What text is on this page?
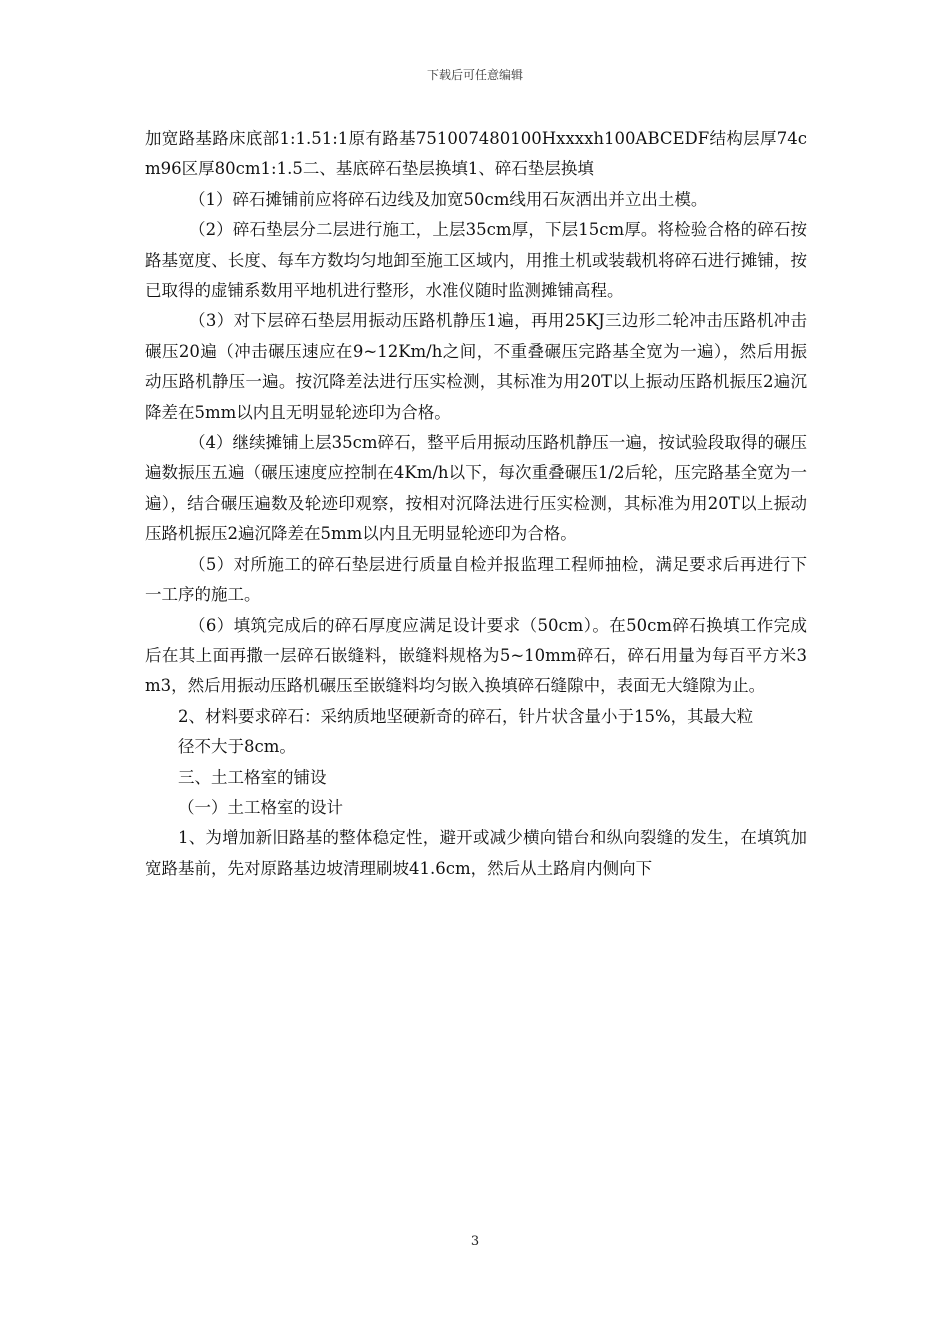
下载后可任意编辑

加宽路基路床底部1:1.51:1原有路基751007480100Hxxxxh100ABCEDF结构层厚74cm96区厚80cm1:1.5二、基底碎石垫层换填1、碎石垫层换填

（1）碎石摊铺前应将碎石边线及加宽50cm线用石灰洒出并立出土模。

（2）碎石垫层分二层进行施工，上层35cm厚，下层15cm厚。将检验合格的碎石按路基宽度、长度、每车方数均匀地卸至施工区域内，用推土机或装载机将碎石进行摊铺，按已取得的虚铺系数用平地机进行整形，水准仪随时监测摊铺高程。

（3）对下层碎石垫层用振动压路机静压1遍，再用25KJ三边形二轮冲击压路机冲击碾压20遍（冲击碾压速应在9~12Km/h之间，不重叠碾压完路基全宽为一遍），然后用振动压路机静压一遍。按沉降差法进行压实检测，其标准为用20T以上振动压路机振压2遍沉降差在5mm以内且无明显轮迹印为合格。

（4）继续摊铺上层35cm碎石，整平后用振动压路机静压一遍，按试验段取得的碾压遍数振压五遍（碾压速度应控制在4Km/h以下，每次重叠碾压1/2后轮，压完路基全宽为一遍），结合碾压遍数及轮迹印观察，按相对沉降法进行压实检测，其标准为用20T以上振动压路机振压2遍沉降差在5mm以内且无明显轮迹印为合格。

（5）对所施工的碎石垫层进行质量自检并报监理工程师抽检，满足要求后再进行下一工序的施工。

（6）填筑完成后的碎石厚度应满足设计要求（50cm）。在50cm碎石换填工作完成后在其上面再撒一层碎石嵌缝料，嵌缝料规格为5~10mm碎石，碎石用量为每百平方米3m3，然后用振动压路机碾压至嵌缝料均匀嵌入换填碎石缝隙中，表面无大缝隙为止。

2、材料要求碎石：采纳质地坚硬新奇的碎石，针片状含量小于15%，其最大粒

径不大于8cm。

三、土工格室的铺设

（一）土工格室的设计

1、为增加新旧路基的整体稳定性，避开或减少横向错台和纵向裂缝的发生，在填筑加宽路基前，先对原路基边坡清理刷坡41.6cm，然后从土路肩内侧向下

3
